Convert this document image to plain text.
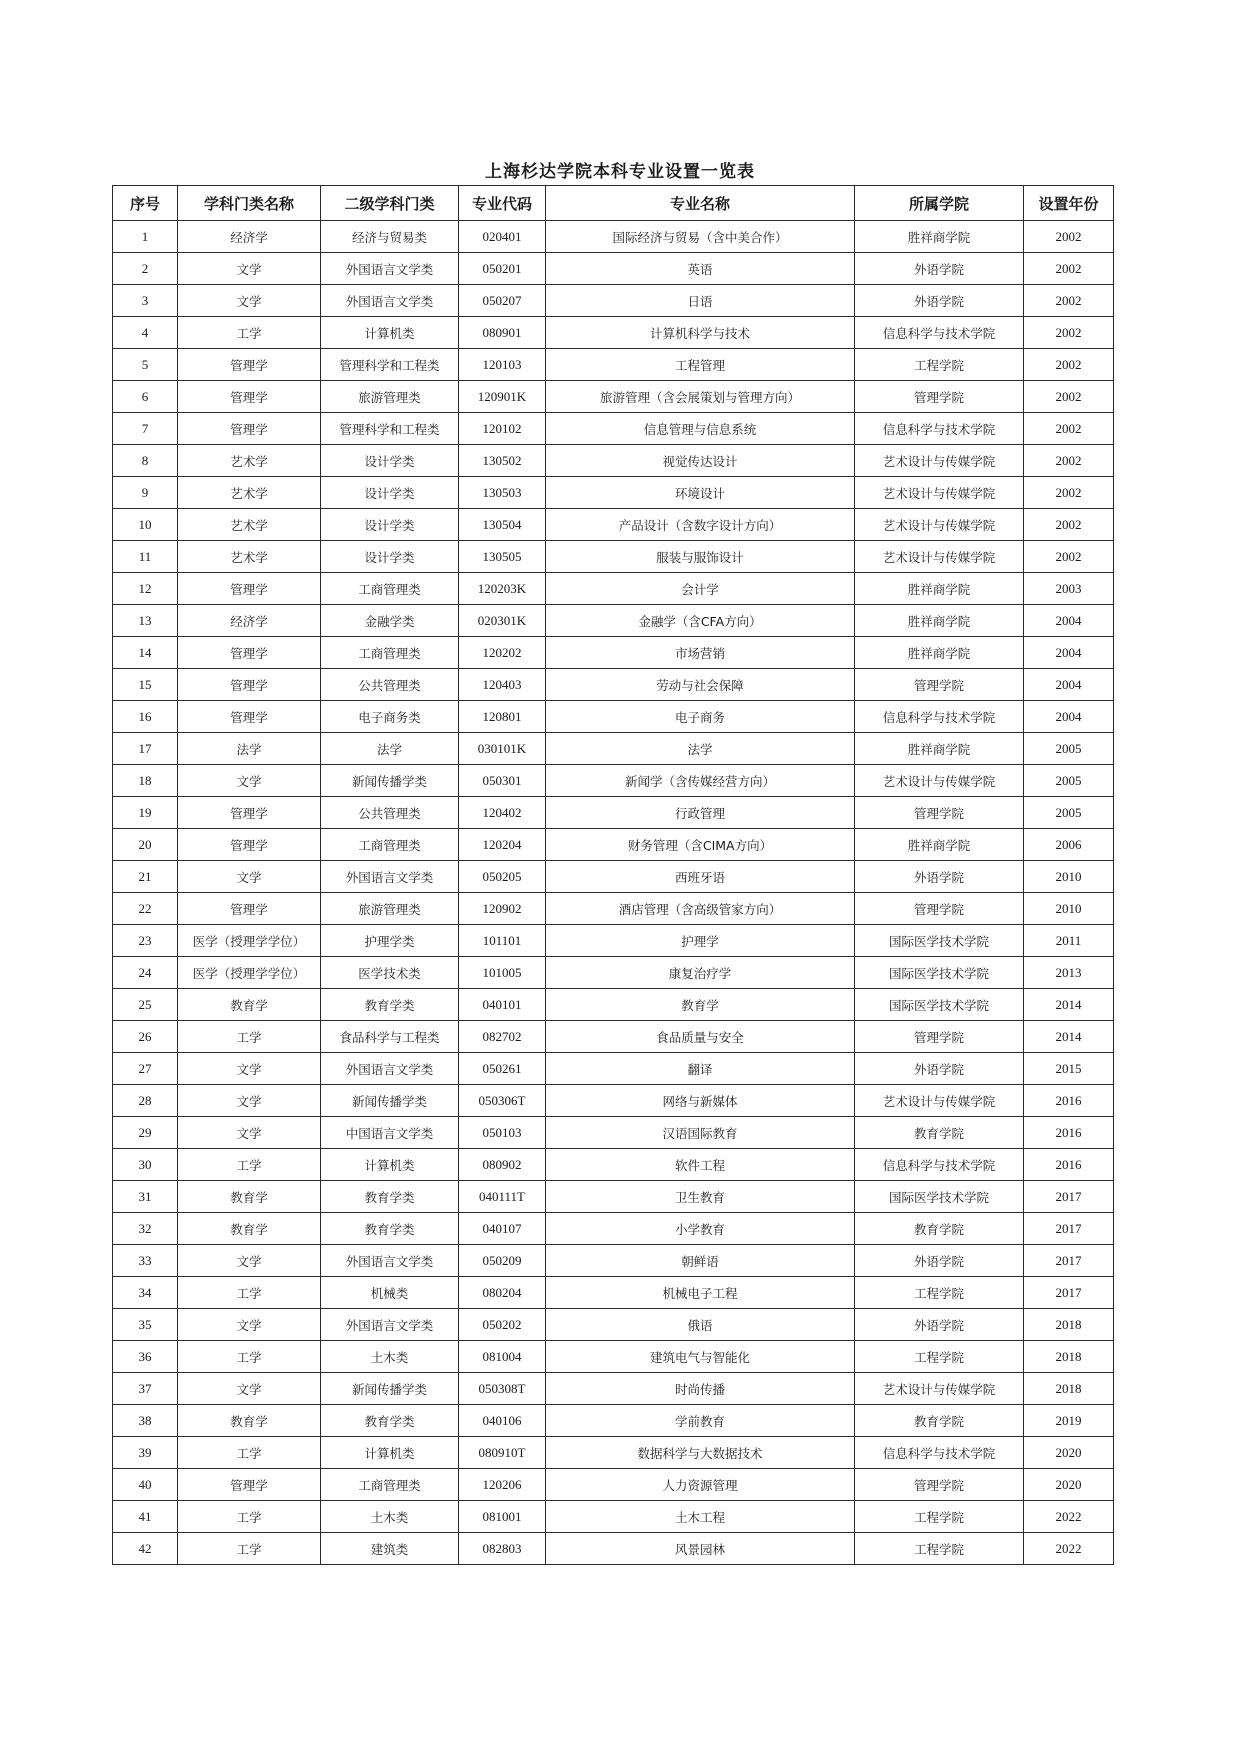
上海杉达学院本科专业设置一览表
序号	学科门类名称	二级学科门类	专业代码	专业名称	所属学院	设置年份
1	经济学	经济与贸易类	020401	国际经济与贸易（含中美合作）	胜祥商学院	2002
2	文学	外国语言文学类	050201	英语	外语学院	2002
3	文学	外国语言文学类	050207	日语	外语学院	2002
4	工学	计算机类	080901	计算机科学与技术	信息科学与技术学院	2002
5	管理学	管理科学和工程类	120103	工程管理	工程学院	2002
6	管理学	旅游管理类	120901K	旅游管理（含会展策划与管理方向）	管理学院	2002
7	管理学	管理科学和工程类	120102	信息管理与信息系统	信息科学与技术学院	2002
8	艺术学	设计学类	130502	视觉传达设计	艺术设计与传媒学院	2002
9	艺术学	设计学类	130503	环境设计	艺术设计与传媒学院	2002
10	艺术学	设计学类	130504	产品设计（含数字设计方向）	艺术设计与传媒学院	2002
11	艺术学	设计学类	130505	服装与服饰设计	艺术设计与传媒学院	2002
12	管理学	工商管理类	120203K	会计学	胜祥商学院	2003
13	经济学	金融学类	020301K	金融学（含CFA方向）	胜祥商学院	2004
14	管理学	工商管理类	120202	市场营销	胜祥商学院	2004
15	管理学	公共管理类	120403	劳动与社会保障	管理学院	2004
16	管理学	电子商务类	120801	电子商务	信息科学与技术学院	2004
17	法学	法学	030101K	法学	胜祥商学院	2005
18	文学	新闻传播学类	050301	新闻学（含传媒经营方向）	艺术设计与传媒学院	2005
19	管理学	公共管理类	120402	行政管理	管理学院	2005
20	管理学	工商管理类	120204	财务管理（含CIMA方向）	胜祥商学院	2006
21	文学	外国语言文学类	050205	西班牙语	外语学院	2010
22	管理学	旅游管理类	120902	酒店管理（含高级管家方向）	管理学院	2010
23	医学（授理学学位）	护理学类	101101	护理学	国际医学技术学院	2011
24	医学（授理学学位）	医学技术类	101005	康复治疗学	国际医学技术学院	2013
25	教育学	教育学类	040101	教育学	国际医学技术学院	2014
26	工学	食品科学与工程类	082702	食品质量与安全	管理学院	2014
27	文学	外国语言文学类	050261	翻译	外语学院	2015
28	文学	新闻传播学类	050306T	网络与新媒体	艺术设计与传媒学院	2016
29	文学	中国语言文学类	050103	汉语国际教育	教育学院	2016
30	工学	计算机类	080902	软件工程	信息科学与技术学院	2016
31	教育学	教育学类	040111T	卫生教育	国际医学技术学院	2017
32	教育学	教育学类	040107	小学教育	教育学院	2017
33	文学	外国语言文学类	050209	朝鲜语	外语学院	2017
34	工学	机械类	080204	机械电子工程	工程学院	2017
35	文学	外国语言文学类	050202	俄语	外语学院	2018
36	工学	土木类	081004	建筑电气与智能化	工程学院	2018
37	文学	新闻传播学类	050308T	时尚传播	艺术设计与传媒学院	2018
38	教育学	教育学类	040106	学前教育	教育学院	2019
39	工学	计算机类	080910T	数据科学与大数据技术	信息科学与技术学院	2020
40	管理学	工商管理类	120206	人力资源管理	管理学院	2020
41	工学	土木类	081001	土木工程	工程学院	2022
42	工学	建筑类	082803	风景园林	工程学院	2022
